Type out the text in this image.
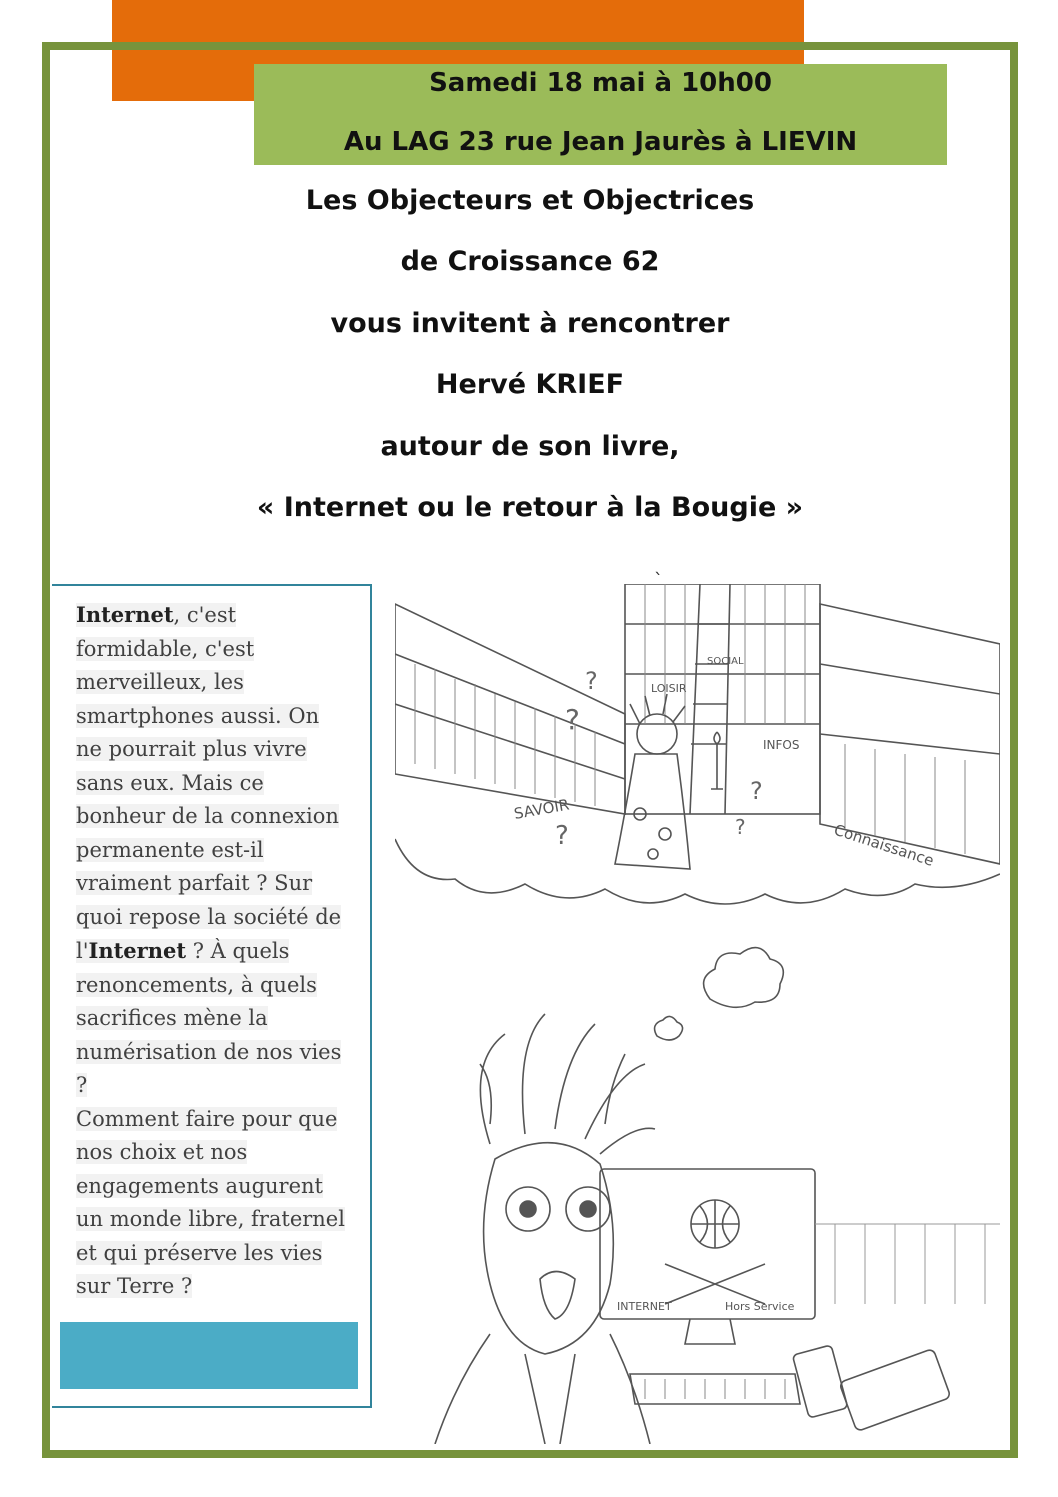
Samedi 18 mai à 10h00
Au LAG 23 rue Jean Jaurès à LIEVIN
Les Objecteurs et Objectrices
de Croissance 62
vous invitent à rencontrer
Hervé KRIEF
autour de son livre,
« Internet ou le retour à la Bougie »
`
Internet, c'est formidable, c'est merveilleux, les smartphones aussi. On ne pourrait plus vivre sans eux. Mais ce bonheur de la connexion permanente est-il vraiment parfait ? Sur quoi repose la société de l'Internet ? À quels renoncements, à quels sacrifices mène la numérisation de nos vies ?
Comment faire pour que nos choix et nos engagements augurent un monde libre, fraternel et qui préserve les vies sur Terre ?
?
?
?
?
?
SAVOIR
LOISIR
SOCIAL
INFOS
Connaissance
INTERNET	Hors Service
